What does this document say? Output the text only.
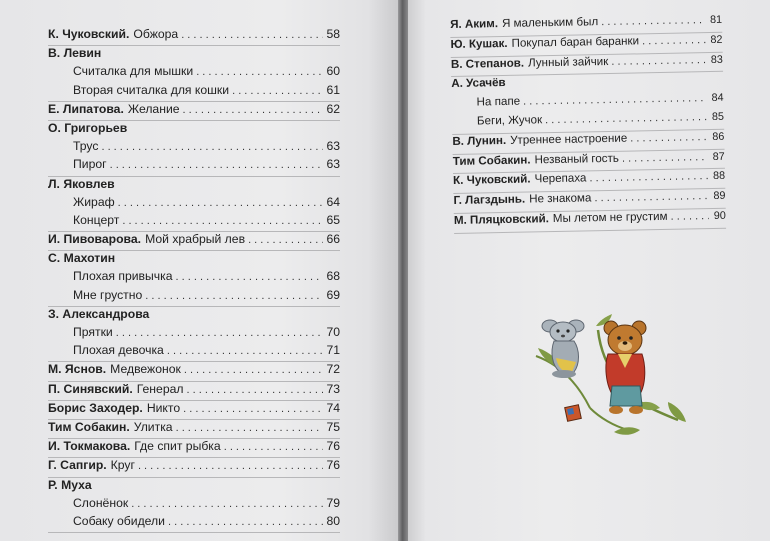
К. Чуковский. Обжора . . .	58
В. Левин
Считалка для мышки . . .	60
Вторая считалка для кошки . . .	61
Е. Липатова. Желание . . .	62
О. Григорьев
Трус . . .	63
Пирог . . .	63
Л. Яковлев
Жираф . . .	64
Концерт . . .	65
И. Пивоварова. Мой храбрый лев . . .	66
С. Махотин
Плохая привычка . . .	68
Мне грустно . . .	69
З. Александрова
Прятки . . .	70
Плохая девочка . . .	71
М. Яснов. Медвежонок . . .	72
П. Синявский. Генерал . . .	73
Борис Заходер. Никто . . .	74
Тим Собакин. Улитка . . .	75
И. Токмакова. Где спит рыбка . . .	76
Г. Сапгир. Круг . . .	76
Р. Муха
Слонёнок . . .	79
Собаку обидели . . .	80
Я. Аким. Я маленьким был . . .	81
Ю. Кушак. Покупал баран баранки . . .	82
В. Степанов. Лунный зайчик . . .	83
А. Усачёв
На папе . . .	84
Беги, Жучок . . .	85
В. Лунин. Утреннее настроение . . .	86
Тим Собакин. Незваный гость . . .	87
К. Чуковский. Черепаха . . .	88
Г. Лагздынь. Не знакома . . .	89
М. Пляцковский. Мы летом не грустим . . .	90
